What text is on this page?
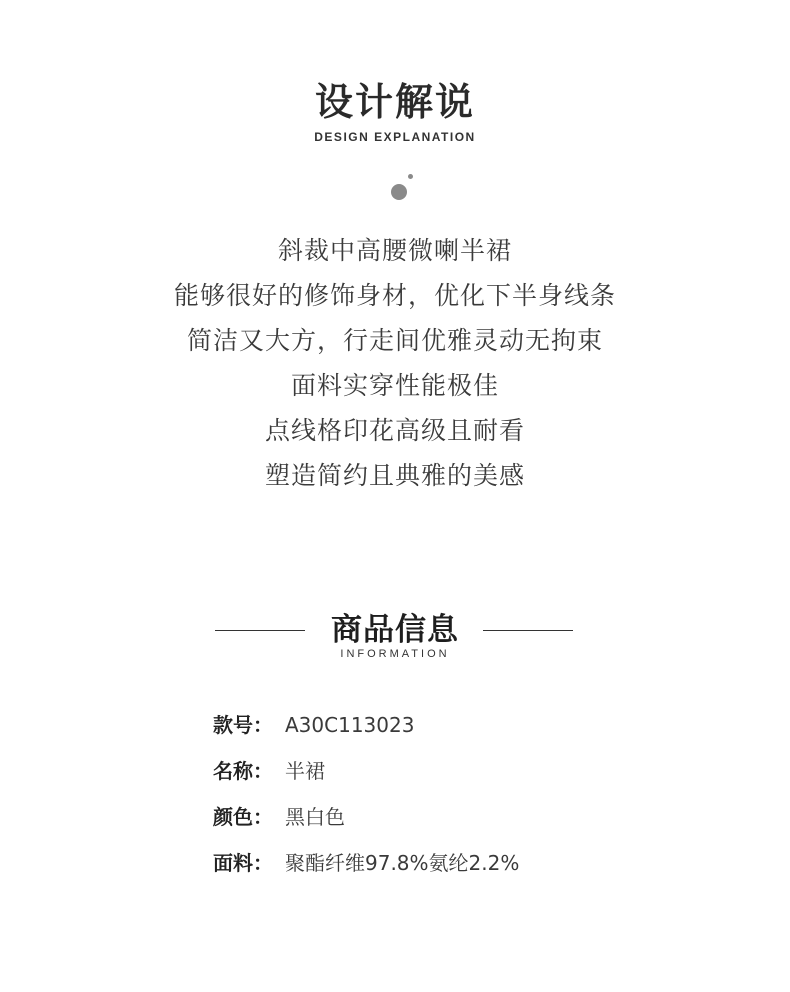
设计解说
DESIGN EXPLANATION
斜裁中高腰微喇半裙
能够很好的修饰身材，优化下半身线条
简洁又大方，行走间优雅灵动无拘束
面料实穿性能极佳
点线格印花高级且耐看
塑造简约且典雅的美感
商品信息
INFORMATION
款号： A30C113023
名称： 半裙
颜色： 黑白色
面料： 聚酯纤维97.8%氨纶2.2%
